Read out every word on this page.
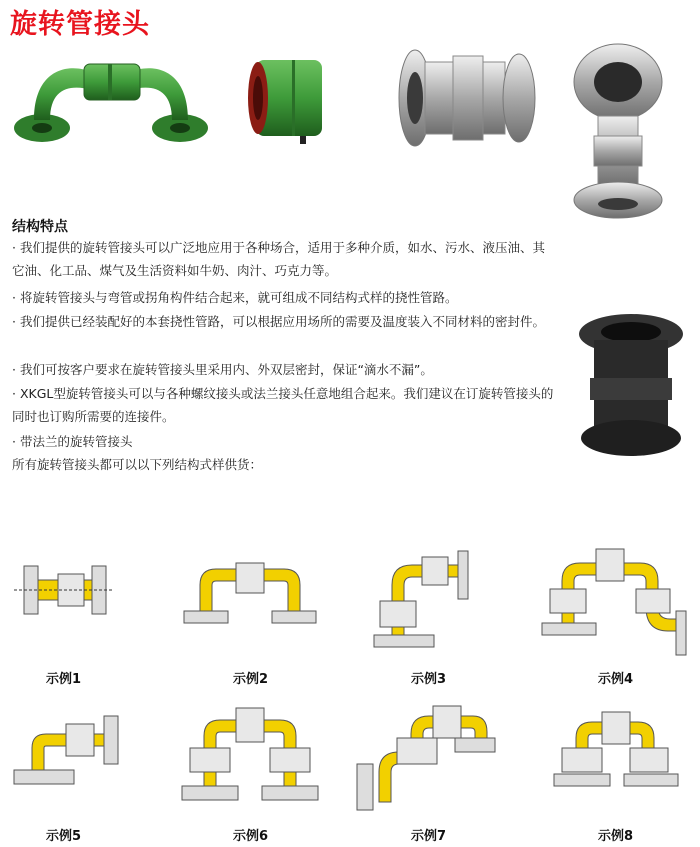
旋转管接头
结构特点
· 我们提供的旋转管接头可以广泛地应用于各种场合，适用于多种介质，如水、污水、液压油、其它油、化工品、煤气及生活资料如牛奶、肉汁、巧克力等。
· 将旋转管接头与弯管或拐角构件结合起来，就可组成不同结构式样的挠性管路。
· 我们提供已经装配好的本套挠性管路，可以根据应用场所的需要及温度装入不同材料的密封件。
· 我们可按客户要求在旋转管接头里采用内、外双层密封，保证“滴水不漏”。
· XKGL型旋转管接头可以与各种螺纹接头或法兰接头任意地组合起来。我们建议在订旋转管接头的同时也订购所需要的连接件。
· 带法兰的旋转管接头
所有旋转管接头都可以以下列结构式样供货：
示例1	示例2	示例3	示例4
示例5	示例6	示例7	示例8
